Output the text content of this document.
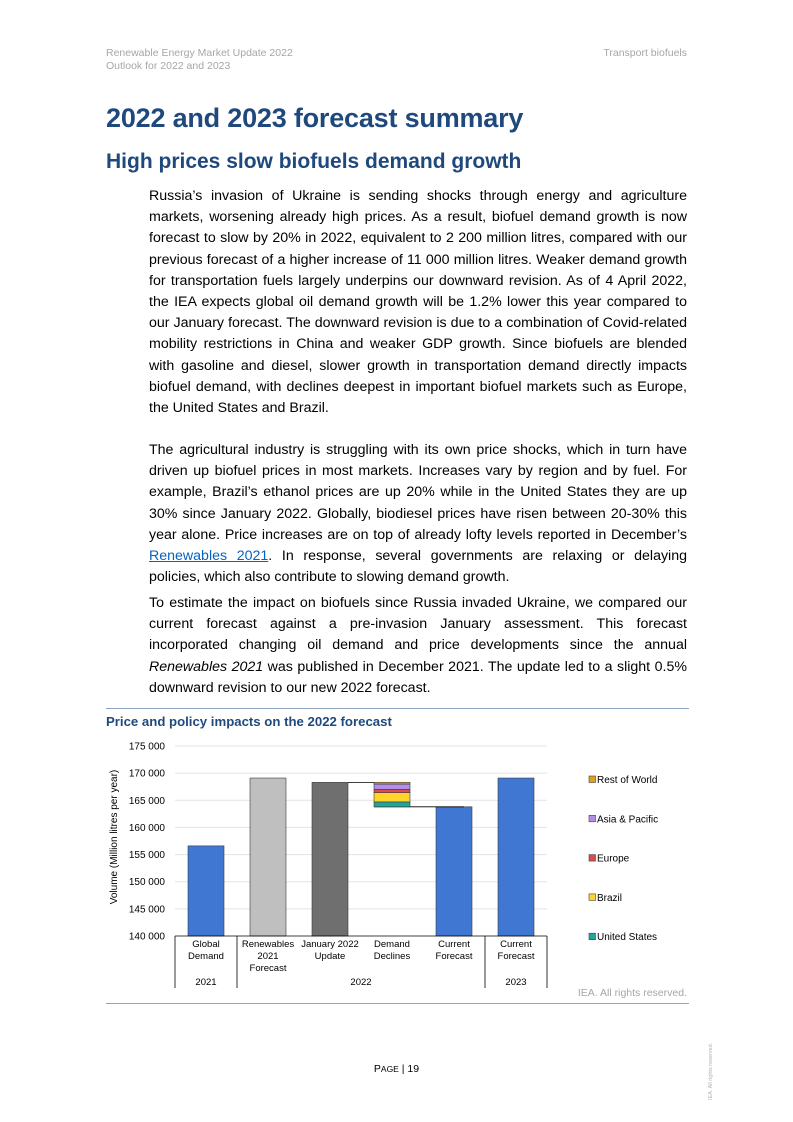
Renewable Energy Market Update 2022
Outlook for 2022 and 2023
Transport biofuels
2022 and 2023 forecast summary
High prices slow biofuels demand growth

Russia’s invasion of Ukraine is sending shocks through energy and agriculture markets, worsening already high prices. As a result, biofuel demand growth is now forecast to slow by 20% in 2022, equivalent to 2 200 million litres, compared with our previous forecast of a higher increase of 11 000 million litres. Weaker demand growth for transportation fuels largely underpins our downward revision. As of 4 April 2022, the IEA expects global oil demand growth will be 1.2% lower this year compared to our January forecast. The downward revision is due to a combination of Covid-related mobility restrictions in China and weaker GDP growth. Since biofuels are blended with gasoline and diesel, slower growth in transportation demand directly impacts biofuel demand, with declines deepest in important biofuel markets such as Europe, the United States and Brazil.

The agricultural industry is struggling with its own price shocks, which in turn have driven up biofuel prices in most markets. Increases vary by region and by fuel. For example, Brazil’s ethanol prices are up 20% while in the United States they are up 30% since January 2022. Globally, biodiesel prices have risen between 20-30% this year alone. Price increases are on top of already lofty levels reported in December’s Renewables 2021. In response, several governments are relaxing or delaying policies, which also contribute to slowing demand growth.

To estimate the impact on biofuels since Russia invaded Ukraine, we compared our current forecast against a pre-invasion January assessment. This forecast incorporated changing oil demand and price developments since the annual Renewables 2021 was published in December 2021. The update led to a slight 0.5% downward revision to our new 2022 forecast.

Price and policy impacts on the 2022 forecast
140 000
145 000
150 000
155 000
160 000
165 000
170 000
175 000
Volume (Million litres per year)
Global
Demand
Renewables
2021
Forecast
January 2022
Update
Demand
Declines
Current
Forecast
Current
Forecast
2021	2022	2023
Rest of World
Asia & Pacific
Europe
Brazil
United States
IEA. All rights reserved.
PAGE | 19	IEA. All rights reserved.
